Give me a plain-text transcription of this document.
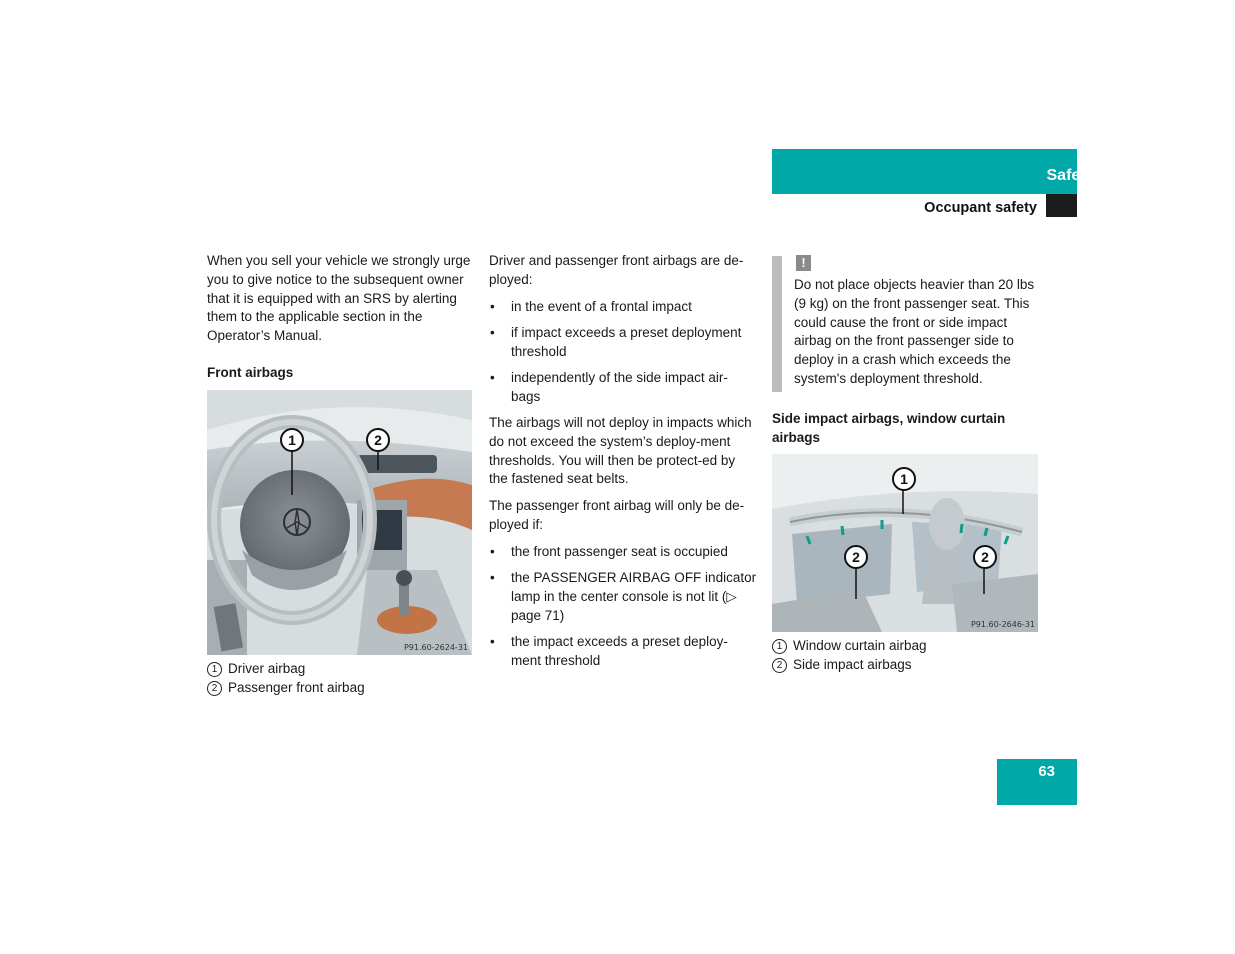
Safety and Security
Occupant safety

When you sell your vehicle we strongly urge you to give notice to the subsequent owner that it is equipped with an SRS by alerting them to the applicable section in the Operator’s Manual.

Front airbags

1	2
P91.60-2624-31
1 Driver airbag
2 Passenger front airbag

Driver and passenger front airbags are de-ployed:

• in the event of a frontal impact
• if impact exceeds a preset deployment threshold
• independently of the side impact air-bags

The airbags will not deploy in impacts which do not exceed the system’s deploy-ment thresholds. You will then be protect-ed by the fastened seat belts.

The passenger front airbag will only be de-ployed if:

• the front passenger seat is occupied
• the PASSENGER AIRBAG OFF indicator lamp in the center console is not lit (▷ page 71)
• the impact exceeds a preset deploy-ment threshold
!
Do not place objects heavier than 20 lbs (9 kg) on the front passenger seat. This could cause the front or side impact airbag on the front passenger side to deploy in a crash which exceeds the system's deployment threshold.

Side impact airbags, window curtain airbags

1
2	2
P91.60-2646-31
1 Window curtain airbag
2 Side impact airbags
63
